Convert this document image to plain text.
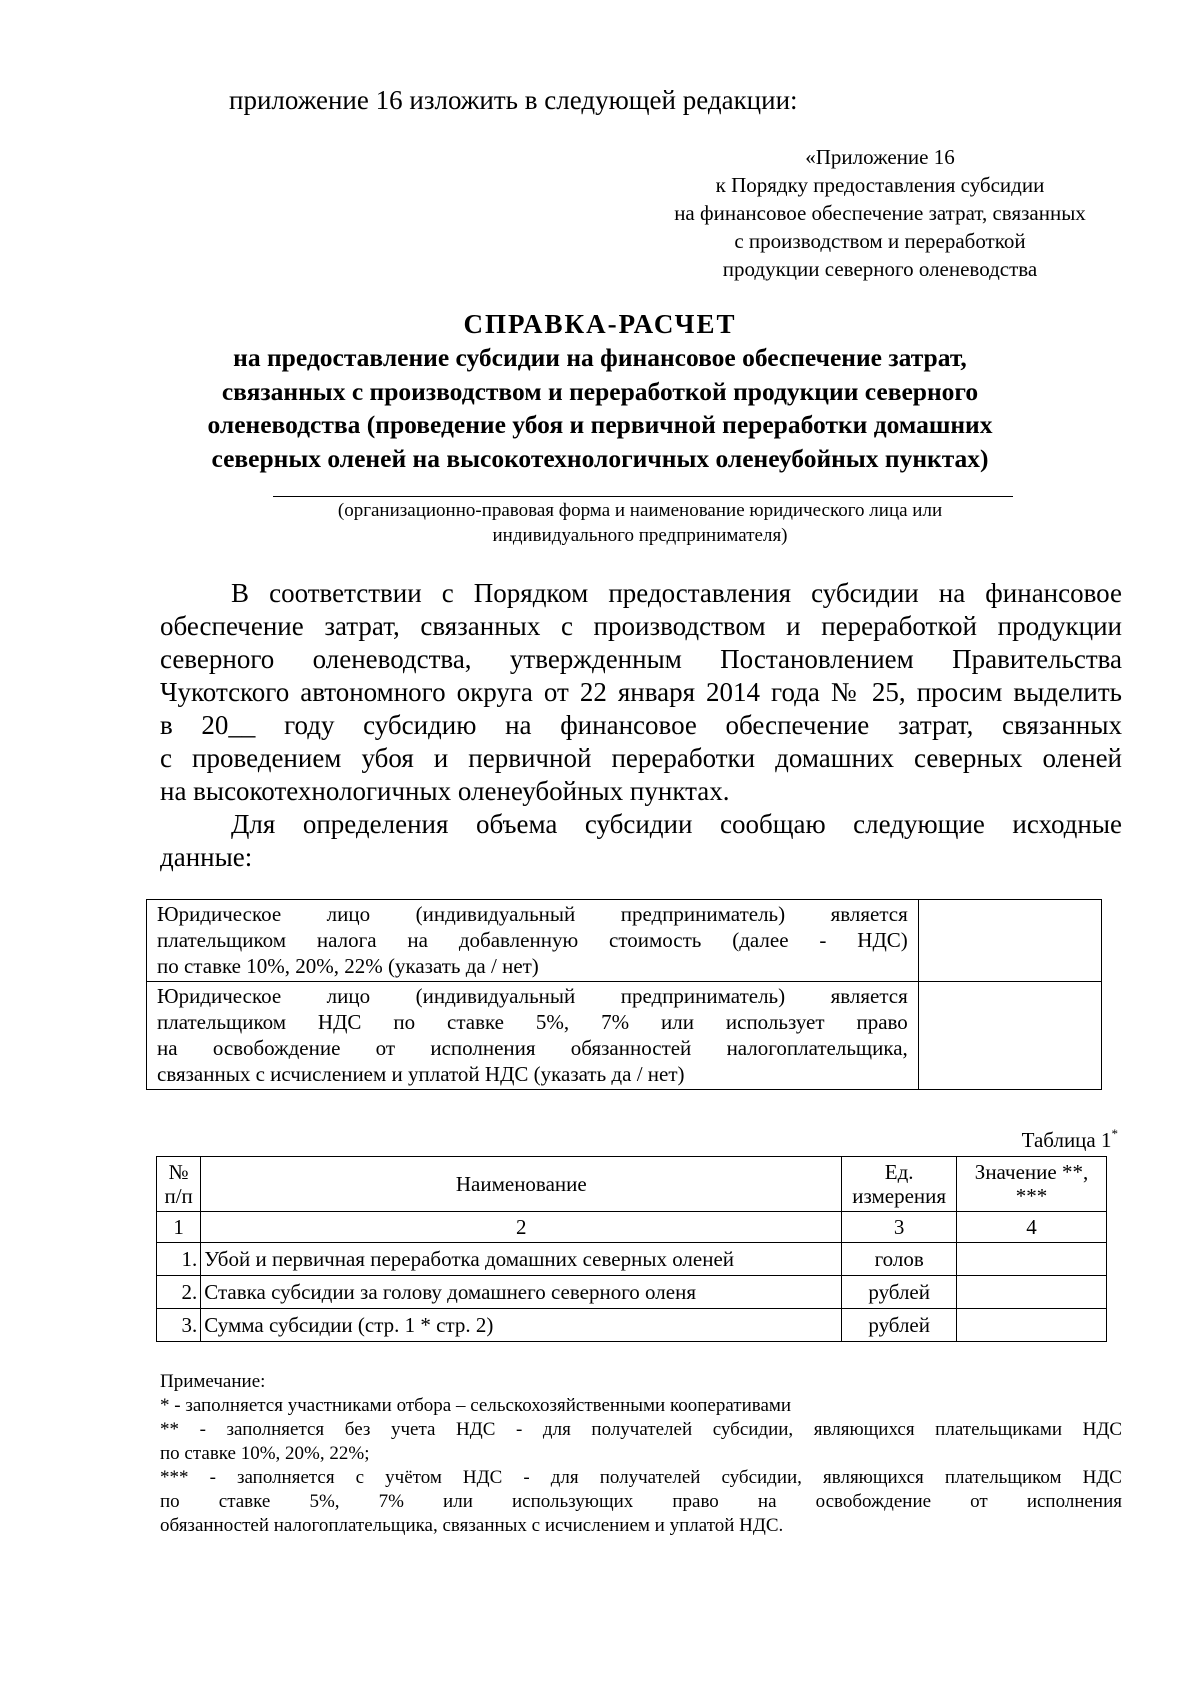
приложение 16 изложить в следующей редакции:
«Приложение 16
к Порядку предоставления субсидии
на финансовое обеспечение затрат, связанных
с производством и переработкой
продукции северного оленеводства
СПРАВКА-РАСЧЕТ
на предоставление субсидии на финансовое обеспечение затрат,
связанных с производством и переработкой продукции северного
оленеводства (проведение убоя и первичной переработки домашних
северных оленей на высокотехнологичных оленеубойных пунктах)
(организационно-правовая форма и наименование юридического лица или
индивидуального предпринимателя)
В соответствии с Порядком предоставления субсидии на финансовое
обеспечение затрат, связанных с производством и переработкой продукции
северного оленеводства, утвержденным Постановлением Правительства
Чукотского автономного округа от 22 января 2014 года № 25, просим выделить
в 20__ году субсидию на финансовое обеспечение затрат, связанных
с проведением убоя и первичной переработки домашних северных оленей
на высокотехнологичных оленеубойных пунктах.
Для определения объема субсидии сообщаю следующие исходные
данные:
Юридическое лицо (индивидуальный предприниматель) является
плательщиком налога на добавленную стоимость (далее - НДС)
по ставке 10%, 20%, 22% (указать да / нет)	

Юридическое лицо (индивидуальный предприниматель) является
плательщиком НДС по ставке 5%, 7% или использует право
на освобождение от исполнения обязанностей налогоплательщика,
связанных с исчислением и уплатой НДС (указать да / нет)	

Таблица 1*
№ п/п	Наименование	Ед. измерения	Значение **, ***
1	2	3	4
1.	Убой и первичная переработка домашних северных оленей	голов	
2.	Ставка субсидии за голову домашнего северного оленя	рублей	
3.	Сумма субсидии (стр. 1 * стр. 2)	рублей	
Примечание:
* - заполняется участниками отбора – сельскохозяйственными кооперативами
** - заполняется без учета НДС - для получателей субсидии, являющихся плательщиками НДС
по ставке 10%, 20%, 22%;
*** - заполняется с учётом НДС - для получателей субсидии, являющихся плательщиком НДС
по ставке 5%, 7% или использующих право на освобождение от исполнения
обязанностей налогоплательщика, связанных с исчислением и уплатой НДС.
